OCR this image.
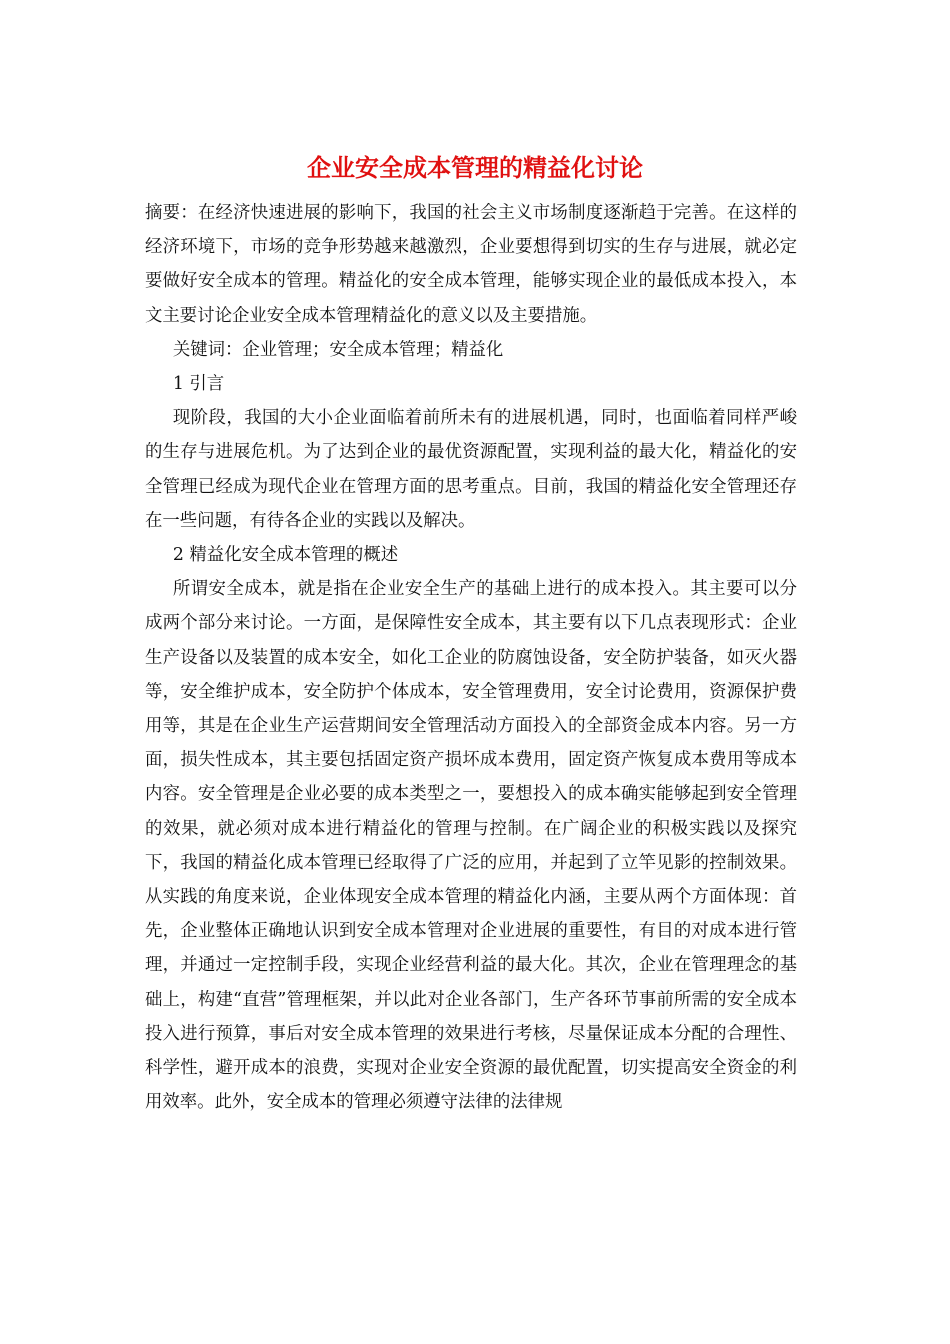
企业安全成本管理的精益化讨论

摘要：在经济快速进展的影响下，我国的社会主义市场制度逐渐趋于完善。在这样的经济环境下，市场的竞争形势越来越激烈，企业要想得到切实的生存与进展，就必定要做好安全成本的管理。精益化的安全成本管理，能够实现企业的最低成本投入，本文主要讨论企业安全成本管理精益化的意义以及主要措施。

关键词：企业管理；安全成本管理；精益化

1 引言

现阶段，我国的大小企业面临着前所未有的进展机遇，同时，也面临着同样严峻的生存与进展危机。为了达到企业的最优资源配置，实现利益的最大化，精益化的安全管理已经成为现代企业在管理方面的思考重点。目前，我国的精益化安全管理还存在一些问题，有待各企业的实践以及解决。

2 精益化安全成本管理的概述

所谓安全成本，就是指在企业安全生产的基础上进行的成本投入。其主要可以分成两个部分来讨论。一方面，是保障性安全成本，其主要有以下几点表现形式：企业生产设备以及装置的成本安全，如化工企业的防腐蚀设备，安全防护装备，如灭火器等，安全维护成本，安全防护个体成本，安全管理费用，安全讨论费用，资源保护费用等，其是在企业生产运营期间安全管理活动方面投入的全部资金成本内容。另一方面，损失性成本，其主要包括固定资产损坏成本费用，固定资产恢复成本费用等成本内容。安全管理是企业必要的成本类型之一，要想投入的成本确实能够起到安全管理的效果，就必须对成本进行精益化的管理与控制。在广阔企业的积极实践以及探究下，我国的精益化成本管理已经取得了广泛的应用，并起到了立竿见影的控制效果。从实践的角度来说，企业体现安全成本管理的精益化内涵，主要从两个方面体现：首先，企业整体正确地认识到安全成本管理对企业进展的重要性，有目的对成本进行管理，并通过一定控制手段，实现企业经营利益的最大化。其次，企业在管理理念的基础上，构建“直营”管理框架，并以此对企业各部门，生产各环节事前所需的安全成本投入进行预算，事后对安全成本管理的效果进行考核，尽量保证成本分配的合理性、科学性，避开成本的浪费，实现对企业安全资源的最优配置，切实提高安全资金的利用效率。此外，安全成本的管理必须遵守法律的法律规
